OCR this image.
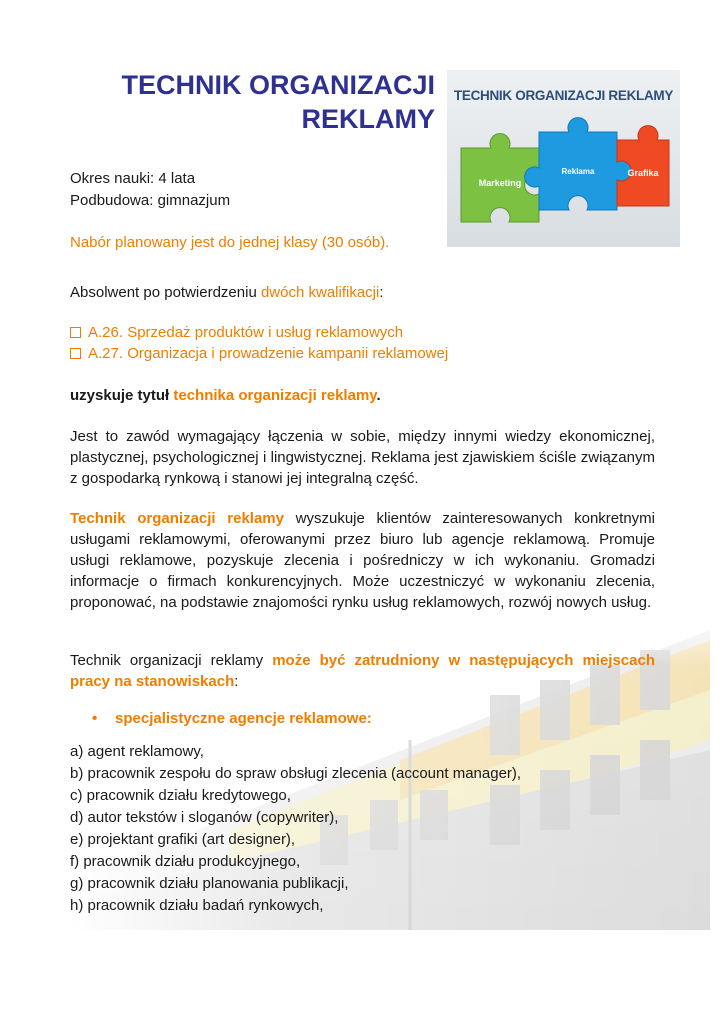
TECHNIK ORGANIZACJI REKLAMY
TECHNIK ORGANIZACJI REKLAMY
Marketing
Reklama	Grafika

Okres nauki: 4 lata

Podbudowa: gimnazjum

Nabór planowany jest do jednej klasy (30 osób).

Absolwent po potwierdzeniu dwóch kwalifikacji:

A.26. Sprzedaż produktów i usług reklamowych

A.27. Organizacja i prowadzenie kampanii reklamowej

uzyskuje tytuł technika organizacji reklamy.

Jest to zawód wymagający łączenia w sobie, między innymi wiedzy ekonomicznej, plastycznej, psychologicznej i lingwistycznej. Reklama jest zjawiskiem ściśle związanym z gospodarką rynkową i stanowi jej integralną część.

Technik organizacji reklamy wyszukuje klientów zainteresowanych konkretnymi usługami reklamowymi, oferowanymi przez biuro lub agencje reklamową. Promuje usługi reklamowe, pozyskuje zlecenia i pośredniczy w ich wykonaniu. Gromadzi informacje o firmach konkurencyjnych. Może uczestniczyć w wykonaniu zlecenia, proponować, na podstawie znajomości rynku usług reklamowych, rozwój nowych usług.

Technik organizacji reklamy może być zatrudniony w następujących miejscach pracy na stanowiskach:

• specjalistyczne agencje reklamowe:
a) agent reklamowy,
b) pracownik zespołu do spraw obsługi zlecenia (account manager),
c) pracownik działu kredytowego,
d) autor tekstów i sloganów (copywriter),
e) projektant grafiki (art designer),
f) pracownik działu produkcyjnego,
g) pracownik działu planowania publikacji,
h) pracownik działu badań rynkowych,
